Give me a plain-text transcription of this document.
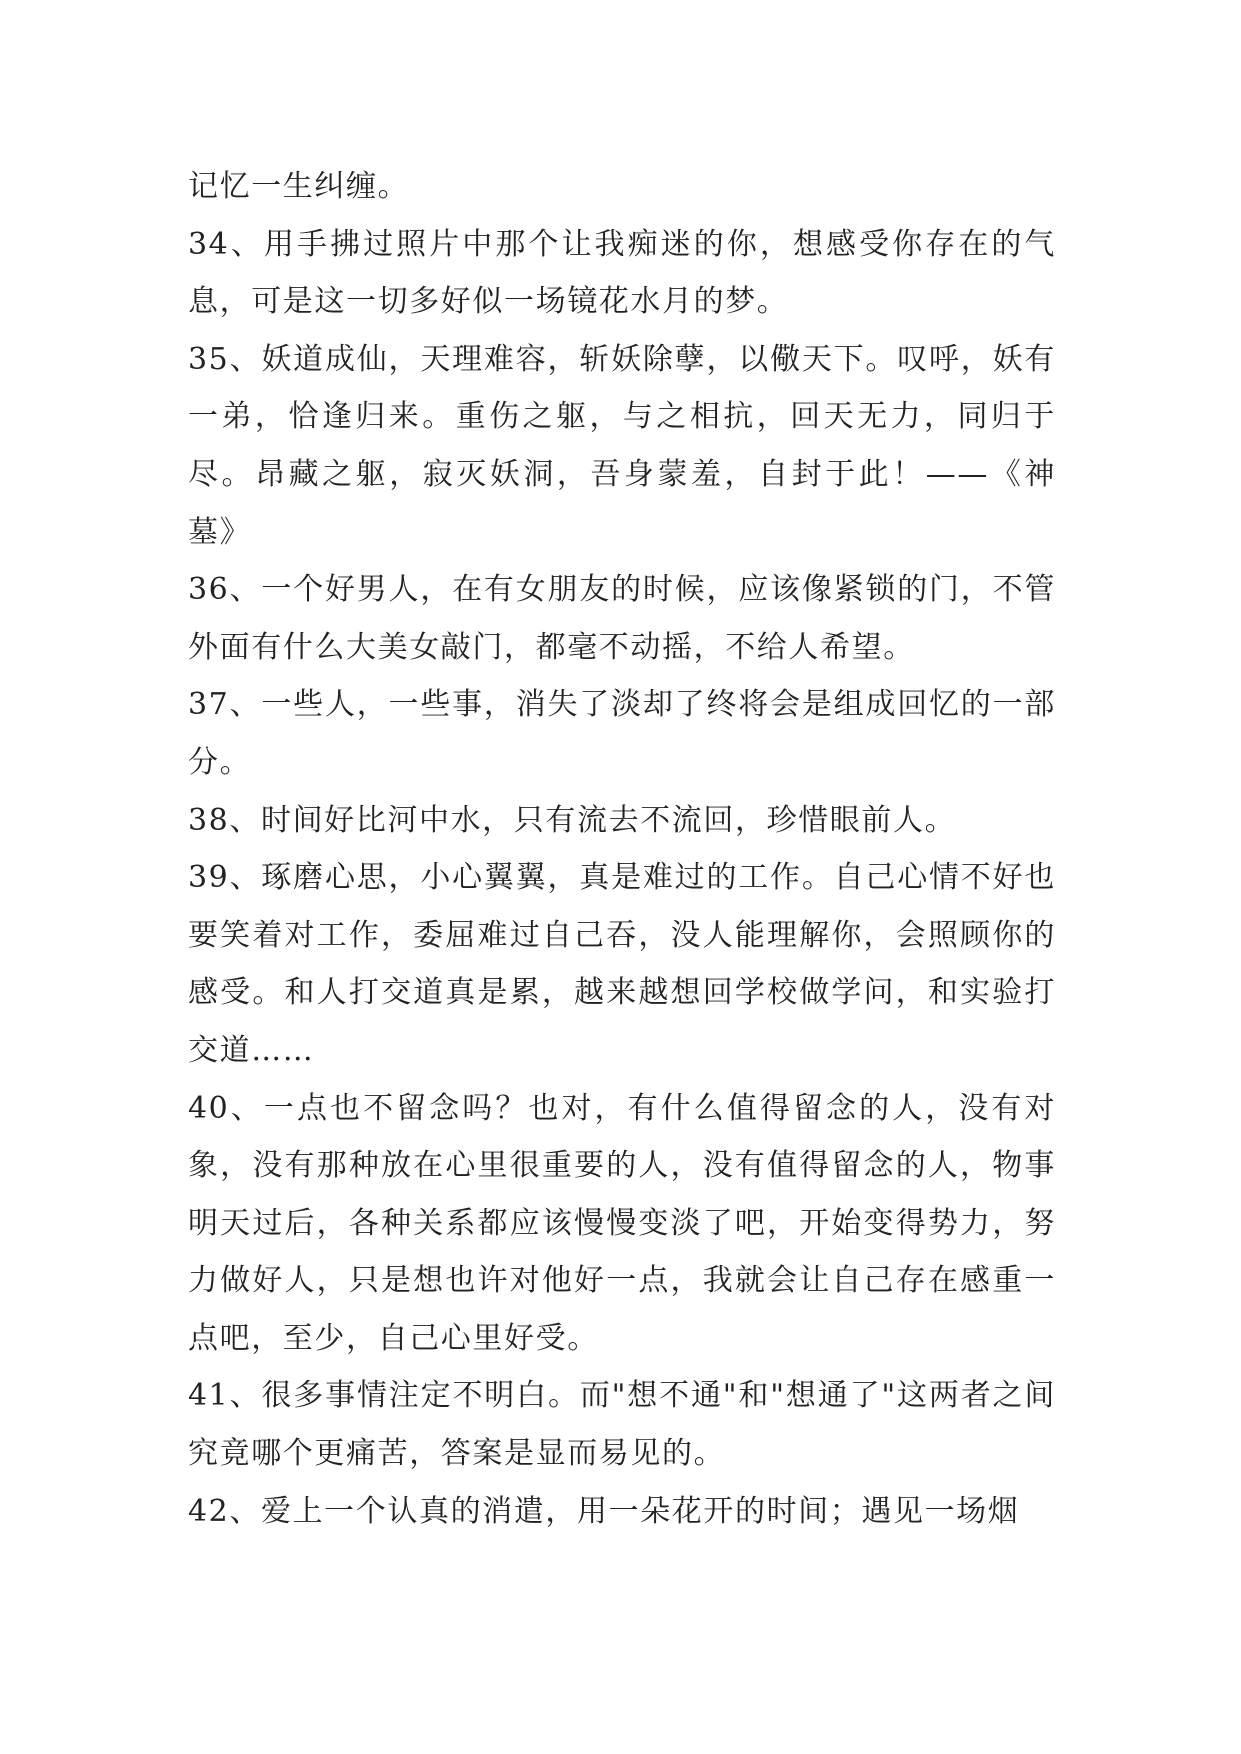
记忆一生纠缠。

34、用手拂过照片中那个让我痴迷的你，想感受你存在的气息，可是这一切多好似一场镜花水月的梦。

35、妖道成仙，天理难容，斩妖除孽，以儆天下。叹呼，妖有一弟，恰逢归来。重伤之躯，与之相抗，回天无力，同归于尽。昂藏之躯，寂灭妖洞，吾身蒙羞，自封于此！——《神墓》

36、一个好男人，在有女朋友的时候，应该像紧锁的门，不管外面有什么大美女敲门，都毫不动摇，不给人希望。

37、一些人，一些事，消失了淡却了终将会是组成回忆的一部分。

38、时间好比河中水，只有流去不流回，珍惜眼前人。

39、琢磨心思，小心翼翼，真是难过的工作。自己心情不好也要笑着对工作，委屈难过自己吞，没人能理解你，会照顾你的感受。和人打交道真是累，越来越想回学校做学问，和实验打交道……

40、一点也不留念吗？也对，有什么值得留念的人，没有对象，没有那种放在心里很重要的人，没有值得留念的人，物事明天过后，各种关系都应该慢慢变淡了吧，开始变得势力，努力做好人，只是想也许对他好一点，我就会让自己存在感重一点吧，至少，自己心里好受。

41、很多事情注定不明白。而"想不通"和"想通了"这两者之间究竟哪个更痛苦，答案是显而易见的。

42、爱上一个认真的消遣，用一朵花开的时间；遇见一场烟
